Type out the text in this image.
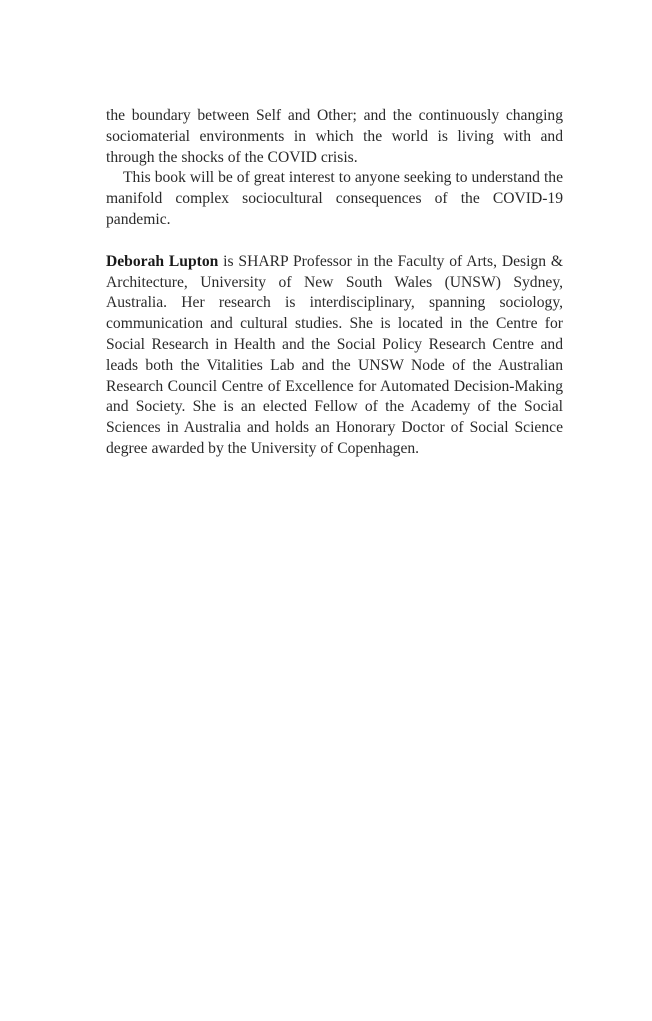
the boundary between Self and Other; and the continuously changing sociomaterial environments in which the world is living with and through the shocks of the COVID crisis.

This book will be of great interest to anyone seeking to understand the manifold complex sociocultural consequences of the COVID-19 pandemic.

Deborah Lupton is SHARP Professor in the Faculty of Arts, Design & Architecture, University of New South Wales (UNSW) Sydney, Australia. Her research is interdisciplinary, spanning sociology, communication and cultural studies. She is located in the Centre for Social Research in Health and the Social Policy Research Centre and leads both the Vitalities Lab and the UNSW Node of the Australian Research Council Centre of Excellence for Automated Decision-Making and Society. She is an elected Fellow of the Academy of the Social Sciences in Australia and holds an Honorary Doctor of Social Science degree awarded by the University of Copenhagen.
